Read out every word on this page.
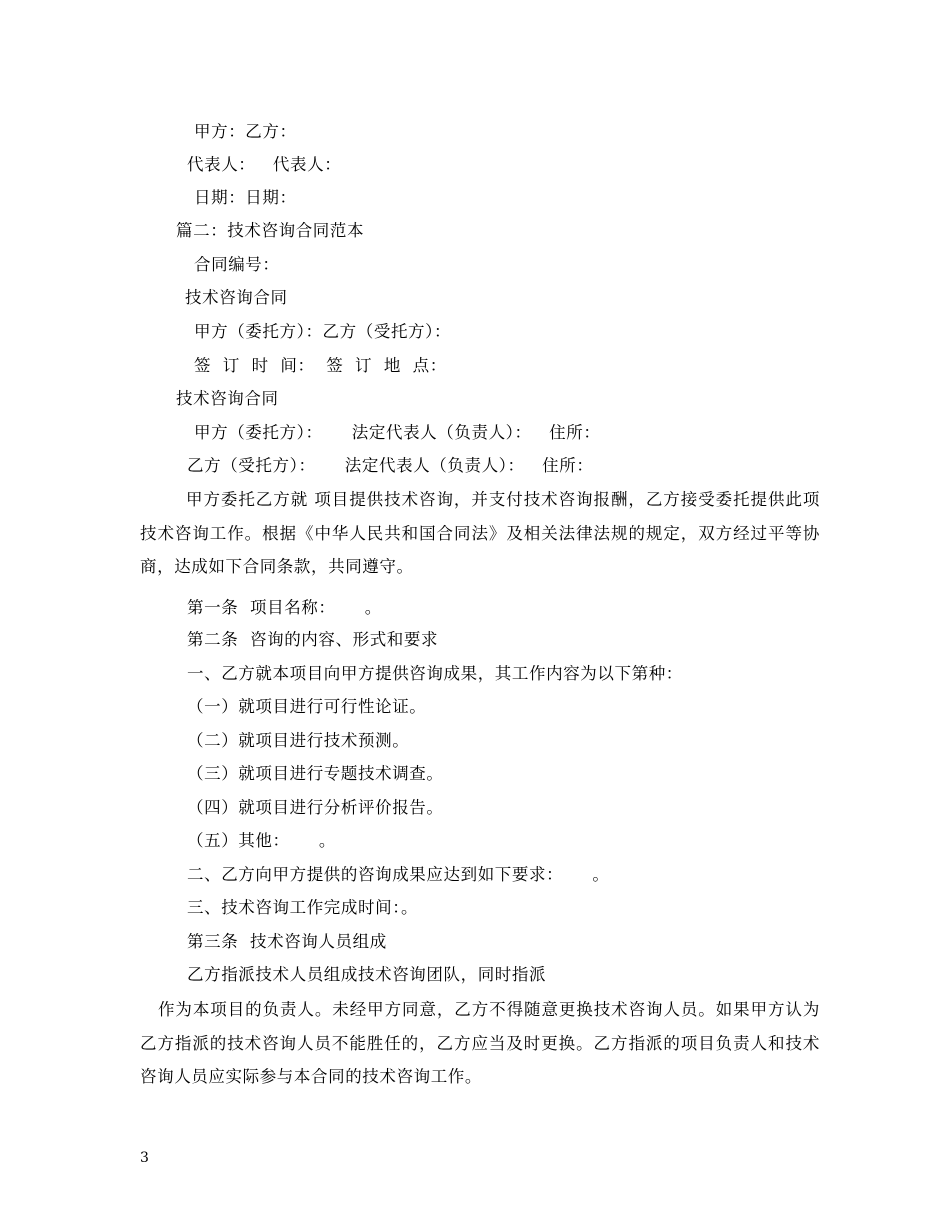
甲方：乙方：
代表人：   代表人：
日期：日期：
篇二：技术咨询合同范本
合同编号：
技术咨询合同
甲方（委托方）：乙方（受托方）：
签  订  时  间：  签  订  地  点：
技术咨询合同
甲方（委托方）：     法定代表人（负责人）：   住所：
乙方（受托方）：     法定代表人（负责人）：   住所：
甲方委托乙方就 项目提供技术咨询，并支付技术咨询报酬，乙方接受委托提供此项技术咨询工作。根据《中华人民共和国合同法》及相关法律法规的规定，双方经过平等协商，达成如下合同条款，共同遵守。
第一条  项目名称：     。
第二条  咨询的内容、形式和要求
一、乙方就本项目向甲方提供咨询成果，其工作内容为以下第种：
（一）就项目进行可行性论证。
（二）就项目进行技术预测。
（三）就项目进行专题技术调查。
（四）就项目进行分析评价报告。
（五）其他：     。
二、乙方向甲方提供的咨询成果应达到如下要求：     。
三、技术咨询工作完成时间：。
第三条  技术咨询人员组成
乙方指派技术人员组成技术咨询团队，同时指派
作为本项目的负责人。未经甲方同意，乙方不得随意更换技术咨询人员。如果甲方认为乙方指派的技术咨询人员不能胜任的，乙方应当及时更换。乙方指派的项目负责人和技术咨询人员应实际参与本合同的技术咨询工作。
3
